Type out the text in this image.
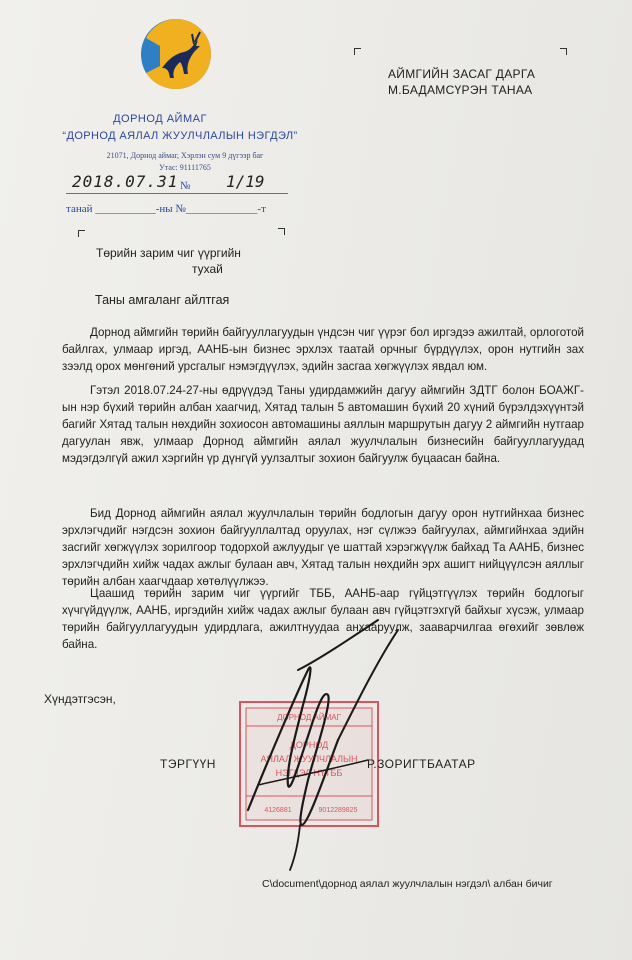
ДОРНОД АЙМАГ
“ДОРНОД АЯЛАЛ ЖУУЛЧЛАЛЫН НЭГДЭЛ”
21071, Дорнод аймаг, Хэрлэн сум 9 дүгээр баг
Утас: 91111765
2018.07.31 № 1/19
танай ___________-ны №_____________-т
АЙМГИЙН ЗАСАГ ДАРГА
М.БАДАМСҮРЭН ТАНАА
Төрийн зарим чиг үүргийн
тухай
Таны амгаланг айлтгая
Дорнод аймгийн төрийн байгууллагуудын үндсэн чиг үүрэг бол иргэдээ ажилтай, орлоготой байлгах, улмаар иргэд, ААНБ-ын бизнес эрхлэх таатай орчныг бүрдүүлэх, орон нутгийн зах зээлд орох мөнгөний урсгалыг нэмэгдүүлэх, эдийн засгаа хөгжүүлэх явдал юм.
Гэтэл 2018.07.24-27-ны өдрүүдэд Таны удирдамжийн дагуу аймгийн ЗДТГ болон БОАЖГ-ын нэр бүхий төрийн албан хаагчид, Хятад талын 5 автомашин бүхий 20 хүний бүрэлдэхүүнтэй багийг Хятад талын нөхдийн зохиосон автомашины аяллын маршрутын дагуу 2 аймгийн нутгаар дагуулан явж, улмаар Дорнод аймгийн аялал жуулчлалын бизнесийн байгууллагуудад мэдэгдэлгүй ажил хэргийн үр дүнгүй уулзалтыг зохион байгуулж буцаасан байна.
Бид Дорнод аймгийн аялал жуулчлалын төрийн бодлогын дагуу орон нутгийнхаа бизнес эрхлэгчдийг нэгдсэн зохион байгууллалтад оруулах, нэг сүлжээ байгуулах, аймгийнхаа эдийн засгийг хөгжүүлэх зорилгоор тодорхой ажлуудыг үе шаттай хэрэгжүүлж байхад Та ААНБ, бизнес эрхлэгчдийн хийж чадах ажлыг булаан авч, Хятад талын нөхдийн эрх ашигт нийцүүлсэн аяллыг төрийн албан хаагчдаар хөтөлүүлжээ.
Цаашид төрийн зарим чиг үүргийг ТББ, ААНБ-аар гүйцэтгүүлэх төрийн бодлогыг хүчгүйдүүлж, ААНБ, иргэдийн хийж чадах ажлыг булаан авч гүйцэтгэхгүй байхыг хүсэж, улмаар төрийн байгууллагуудын удирдлага, ажилтнуудаа анхааруулж, зааварчилгаа өгөхийг зөвлөж байна.
Хүндэтгэсэн,
ДОРНОД АЙМАГ
ДОРНОД
АЯЛАЛ ЖУУЛЧЛАЛЫН
НЭГДЭЛ НҮТББ
4126881	9012289825
ТЭРГҮҮН	Р.ЗОРИГТБААТАР
C\document\дорнод аялал жуулчлалын нэгдэл\ албан бичиг
